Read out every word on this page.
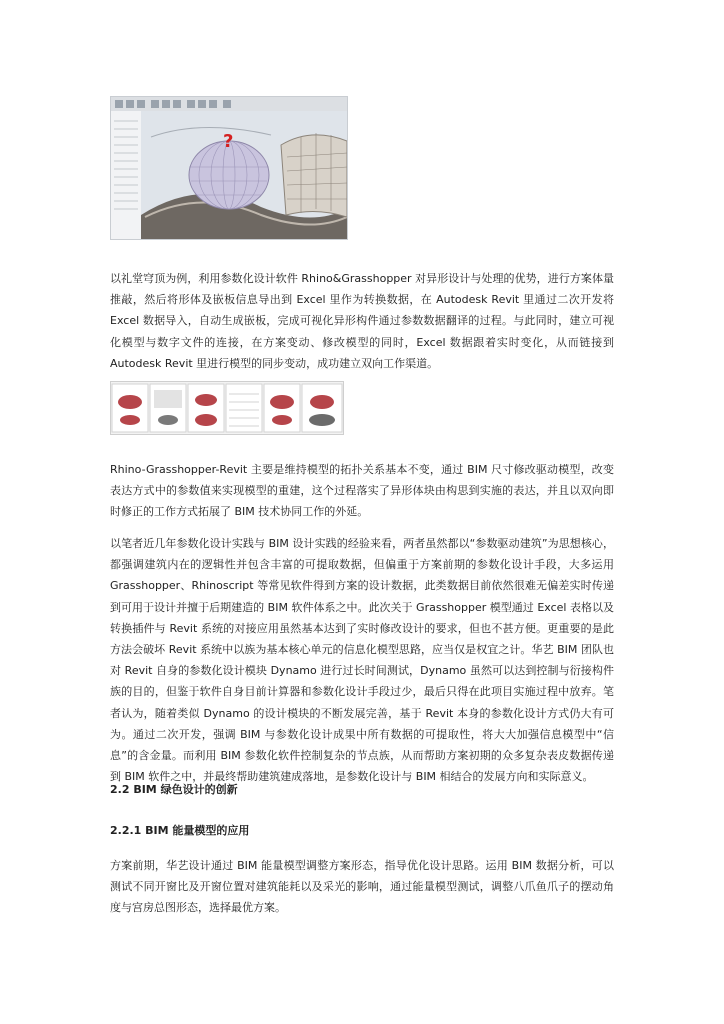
?

以礼堂穹顶为例，利用参数化设计软件 Rhino&Grasshopper 对异形设计与处理的优势，进行方案体量推敲，然后将形体及嵌板信息导出到 Excel 里作为转换数据，在 Autodesk Revit 里通过二次开发将 Excel 数据导入，自动生成嵌板，完成可视化异形构件通过参数数据翻译的过程。与此同时，建立可视化模型与数字文件的连接，在方案变动、修改模型的同时，Excel 数据跟着实时变化，从而链接到 Autodesk Revit 里进行模型的同步变动，成功建立双向工作渠道。

Rhino-Grasshopper-Revit 主要是维持模型的拓扑关系基本不变，通过 BIM 尺寸修改驱动模型，改变表达方式中的参数值来实现模型的重建，这个过程落实了异形体块由构思到实施的表达，并且以双向即时修正的工作方式拓展了 BIM 技术协同工作的外延。

以笔者近几年参数化设计实践与 BIM 设计实践的经验来看，两者虽然都以“参数驱动建筑”为思想核心，都强调建筑内在的逻辑性并包含丰富的可提取数据，但偏重于方案前期的参数化设计手段，大多运用 Grasshopper、Rhinoscript 等常见软件得到方案的设计数据，此类数据目前依然很难无偏差实时传递到可用于设计并擅于后期建造的 BIM 软件体系之中。此次关于 Grasshopper 模型通过 Excel 表格以及转换插件与 Revit 系统的对接应用虽然基本达到了实时修改设计的要求，但也不甚方便。更重要的是此方法会破坏 Revit 系统中以族为基本核心单元的信息化模型思路，应当仅是权宜之计。华艺 BIM 团队也对 Revit 自身的参数化设计模块 Dynamo 进行过长时间测试，Dynamo 虽然可以达到控制与衍接构件族的目的，但鉴于软件自身目前计算器和参数化设计手段过少，最后只得在此项目实施过程中放弃。笔者认为，随着类似 Dynamo 的设计模块的不断发展完善，基于 Revit 本身的参数化设计方式仍大有可为。通过二次开发，强调 BIM 与参数化设计成果中所有数据的可提取性，将大大加强信息模型中“信息”的含金量。而利用 BIM 参数化软件控制复杂的节点族，从而帮助方案初期的众多复杂表皮数据传递到 BIM 软件之中，并最终帮助建筑建成落地，是参数化设计与 BIM 相结合的发展方向和实际意义。

2.2 BIM 绿色设计的创新

2.2.1 BIM 能量模型的应用

方案前期，华艺设计通过 BIM 能量模型调整方案形态，指导优化设计思路。运用 BIM 数据分析，可以测试不同开窗比及开窗位置对建筑能耗以及采光的影响，通过能量模型测试，调整八爪鱼爪子的摆动角度与宫房总图形态，选择最优方案。
